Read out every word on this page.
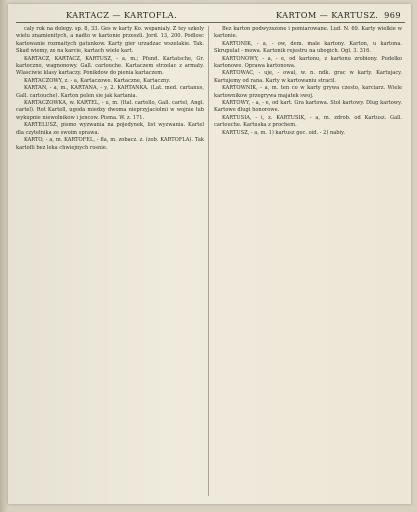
KARTACZ — KARTOFLA.	KARTOM — KARTUSZ. 969

caly rok na dolegy. sp. 8, 33. Ges w karty Ko. wspanialy. Z tey szkoly wielu znamienitych, a nadto w kartonie przeszli. Jord. 13, 200. Podlosc kartowanie rozmaitych gatunkow. Karty gier urzadzac wszelakie. Tak. Skad wiemy, ze na karcie, kartach wiele kart.

KARTACZ, KARTACZ, KARTUSZ, - a, m.; Pfund. Kartatsche, Gr. kartoczno, wagnonowy. Gall. cartouche. Kartaczem strzelac z armaty. Wlasciwie klasy kartaczy. Ponikdow do pienia kartaczem.

KARTACZOWY, z. - a, Kartaczowe. Kartaczne, Kartaczny.

KARTAN, - a, m., KARTANA, - y, 2. KARTANKA. (Lat. med. cartanus, Gall. cartouche). Karton pelen sie jak kartania.

KARTACZOWKA, w. KARTEL, - u, m. (Ital. cartello, Gall. cartel, Angl. cartel). Rot Kartell, ugoda miedzy dwoma nieprzyjaciolmi w wojnie lub wykupnie niewolnikow i jencow. Pisma. W. z. 171.

KARTELUSZ, pismo wyzwania na pojedynek, list wyzwania. Kartel dla czytelnika ze swoim sprawa.

KARTO, - a, m. KARTOFEL, - fla, m. zobacz. z. (zob. KARTOFLA). Tak kartofli bez leka chwiejnych rosnie.

Bez karton podwyzszone i pomiarowane. Lud. N. 69. Karty wielkie w kartonie.

KARTONIK, - a, - ow, dem. male kartony. Karton, u kartona. Skrupulat - mowa. Kartonik rejestru na ubogich. Ogl. 3. 316.

KARTONOWY, - a, - e, od kartonu, z kartonu zrobiony. Pudelko kartonowe. Oprawa kartonowa.

KARTOWAC, - uje, - owal, w. n. ndk. grac w karty. Kartujacy. Kartujemy od rana. Karty w kartowaniu stracil.

KARTOWNIK, - a, m. ten co w karty grywa czesto, karciarz. Wiele kartownikow przegrywa majatek swoj.

KARTOWY, - a, - e, od kart. Gra kartowa. Stol kartowy. Dlug kartowy. Kartowe dlugi honorowe.

KARTUSIA, - i, z. KARTUSIK, - a, m. zdrob. od Kartusz. Gall. cartouche. Kartuska z prochem.

KARTUSZ, - a, m. 1) kartusz gec. oid. - 2) nabiy.
